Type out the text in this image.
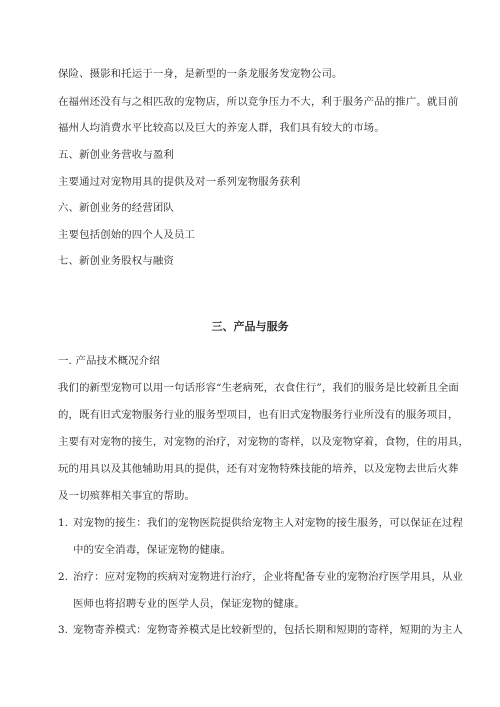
保险、摄影和托运于一身，是新型的一条龙服务发宠物公司。
在福州还没有与之相匹敌的宠物店，所以竞争压力不大，利于服务产品的推广。就目前
福州人均消费水平比较高以及巨大的养宠人群，我们具有较大的市场。
五、新创业务营收与盈利
主要通过对宠物用具的提供及对一系列宠物服务获利
六、新创业务的经营团队
主要包括创始的四个人及员工
七、新创业务股权与融资
三、产品与服务
一. 产品技术概况介绍
我们的新型宠物可以用一句话形容“生老病死，衣食住行”，我们的服务是比较新且全面
的，既有旧式宠物服务行业的服务型项目，也有旧式宠物服务行业所没有的服务项目，
主要有对宠物的接生，对宠物的治疗，对宠物的寄样，以及宠物穿着，食物，住的用具，
玩的用具以及其他辅助用具的提供，还有对宠物特殊技能的培养，以及宠物去世后火葬
及一切殡葬相关事宜的帮助。
1. 对宠物的接生：我们的宠物医院提供给宠物主人对宠物的接生服务，可以保证在过程
中的安全消毒，保证宠物的健康。
2. 治疗：应对宠物的疾病对宠物进行治疗，企业将配备专业的宠物治疗医学用具，从业
医师也将招聘专业的医学人员，保证宠物的健康。
3. 宠物寄养模式：宠物寄养模式是比较新型的，包括长期和短期的寄样，短期的为主人
